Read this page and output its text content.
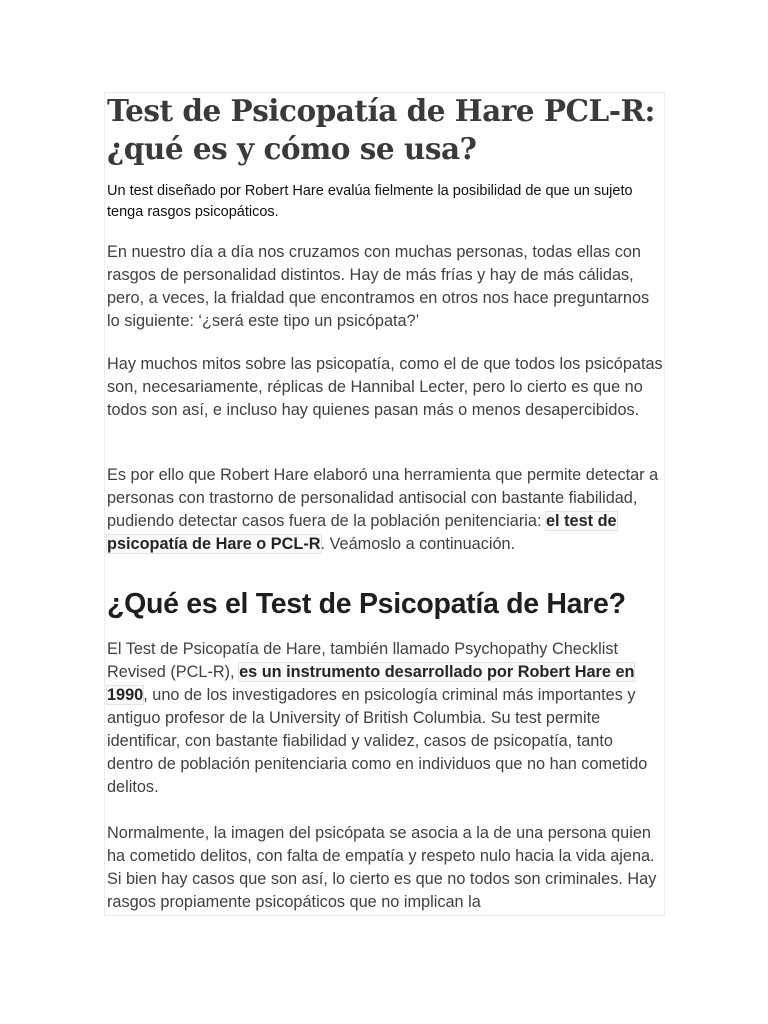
Test de Psicopatía de Hare PCL-R: ¿qué es y cómo se usa?

Un test diseñado por Robert Hare evalúa fielmente la posibilidad de que un sujeto tenga rasgos psicopáticos.

En nuestro día a día nos cruzamos con muchas personas, todas ellas con rasgos de personalidad distintos. Hay de más frías y hay de más cálidas, pero, a veces, la frialdad que encontramos en otros nos hace preguntarnos lo siguiente: ‘¿será este tipo un psicópata?’

Hay muchos mitos sobre las psicopatía, como el de que todos los psicópatas son, necesariamente, réplicas de Hannibal Lecter, pero lo cierto es que no todos son así, e incluso hay quienes pasan más o menos desapercibidos.

Es por ello que Robert Hare elaboró una herramienta que permite detectar a personas con trastorno de personalidad antisocial con bastante fiabilidad, pudiendo detectar casos fuera de la población penitenciaria: el test de psicopatía de Hare o PCL-R. Veámoslo a continuación.

¿Qué es el Test de Psicopatía de Hare?

El Test de Psicopatía de Hare, también llamado Psychopathy Checklist Revised (PCL-R), es un instrumento desarrollado por Robert Hare en 1990, uno de los investigadores en psicología criminal más importantes y antiguo profesor de la University of British Columbia. Su test permite identificar, con bastante fiabilidad y validez, casos de psicopatía, tanto dentro de población penitenciaria como en individuos que no han cometido delitos.

Normalmente, la imagen del psicópata se asocia a la de una persona quien ha cometido delitos, con falta de empatía y respeto nulo hacia la vida ajena. Si bien hay casos que son así, lo cierto es que no todos son criminales. Hay rasgos propiamente psicopáticos que no implican la
